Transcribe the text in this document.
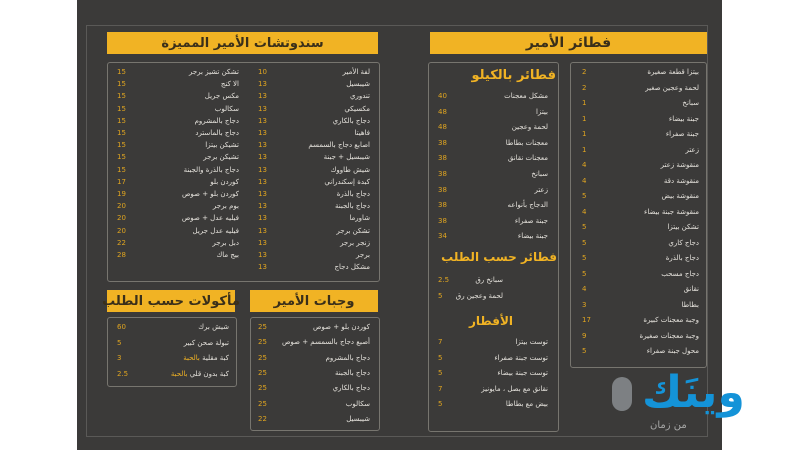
فطائر الأمير
بيتزا قطعة صغيرة
2
لحمة وعجين صغير
2
سبانخ
1
جبنة بيضاء
1
جبنة صفراء
1
زعتر
1
منقوشة زعتر
4
منقوشة دقة
4
منقوشة بيض
5
منقوشة جبنة بيضاء
4
تشكن بيتزا
5
دجاج كاري
5
دجاج بالذرة
5
دجاج مسحب
5
نقانق
4
بطاطا
3
وجبة معجنات كبيرة
17
وجبة معجنات صغيرة
9
محول جبنة صفراء
5
فطائر بالكيلو
مشكل معجنات
40
بيتزا
48
لحمة وعجين
48
معجنات بطاطا
38
معجنات نقانق
38
سبانخ
38
زعتر
38
الدجاج بأنواعه
38
جبنة صفراء
38
جبنة بيضاء
34
فطائر حسب الطلب
سبانخ رق
2.5
لحمة وعجين رق
5
الأفطار
توست بيتزا
7
توست جبنة صفراء
5
توست جبنة بيضاء
5
نقانق مع بصل ، مايونيز
7
بيض مع بطاطا
5
سندوتشات الأمير المميزة
لفة الأمير
10
شيبسيل
13
تندوري
13
مكسيكي
13
دجاج بالكاري
13
فاهيتا
13
اصابع دجاج بالسمسم
13
شيبسيل + جبنة
13
شيش طاووك
13
كبدة إسكندراني
13
دجاج بالذرة
13
دجاج بالجبنة
13
شاورما
13
تشكن برجر
13
زنجر برجر
13
برجر
13
مشكل دجاج
13
تشكن تشيز برجر
15
الا كنج
15
مكس جريل
15
سكالوب
15
دجاج بالمشروم
15
دجاج بالماسترد
15
تشيكن بيتزا
15
تشيكن برجر
15
دجاج بالذرة والجبنة
15
كوردن بلو
17
كوردن بلو + صوص
19
بوم برجر
20
فيليه عدل + صوص
20
فيليه عدل جريل
20
دبل برجر
22
بيج ماك
28
وجبات الأمير
كوردن بلو + صوص
25
أصبع دجاج بالسمسم + صوص
25
دجاج بالمشروم
25
دجاج بالجبنة
25
دجاج بالكاري
25
سكالوب
25
شيبسيل
22
مأكولات حسب الطلب
شيش برك
60
تبولة صحن كبير
5
كبة مقلية بالحبة
3
كبة بدون قلي بالحبة
2.5	وينَك
من زمان
